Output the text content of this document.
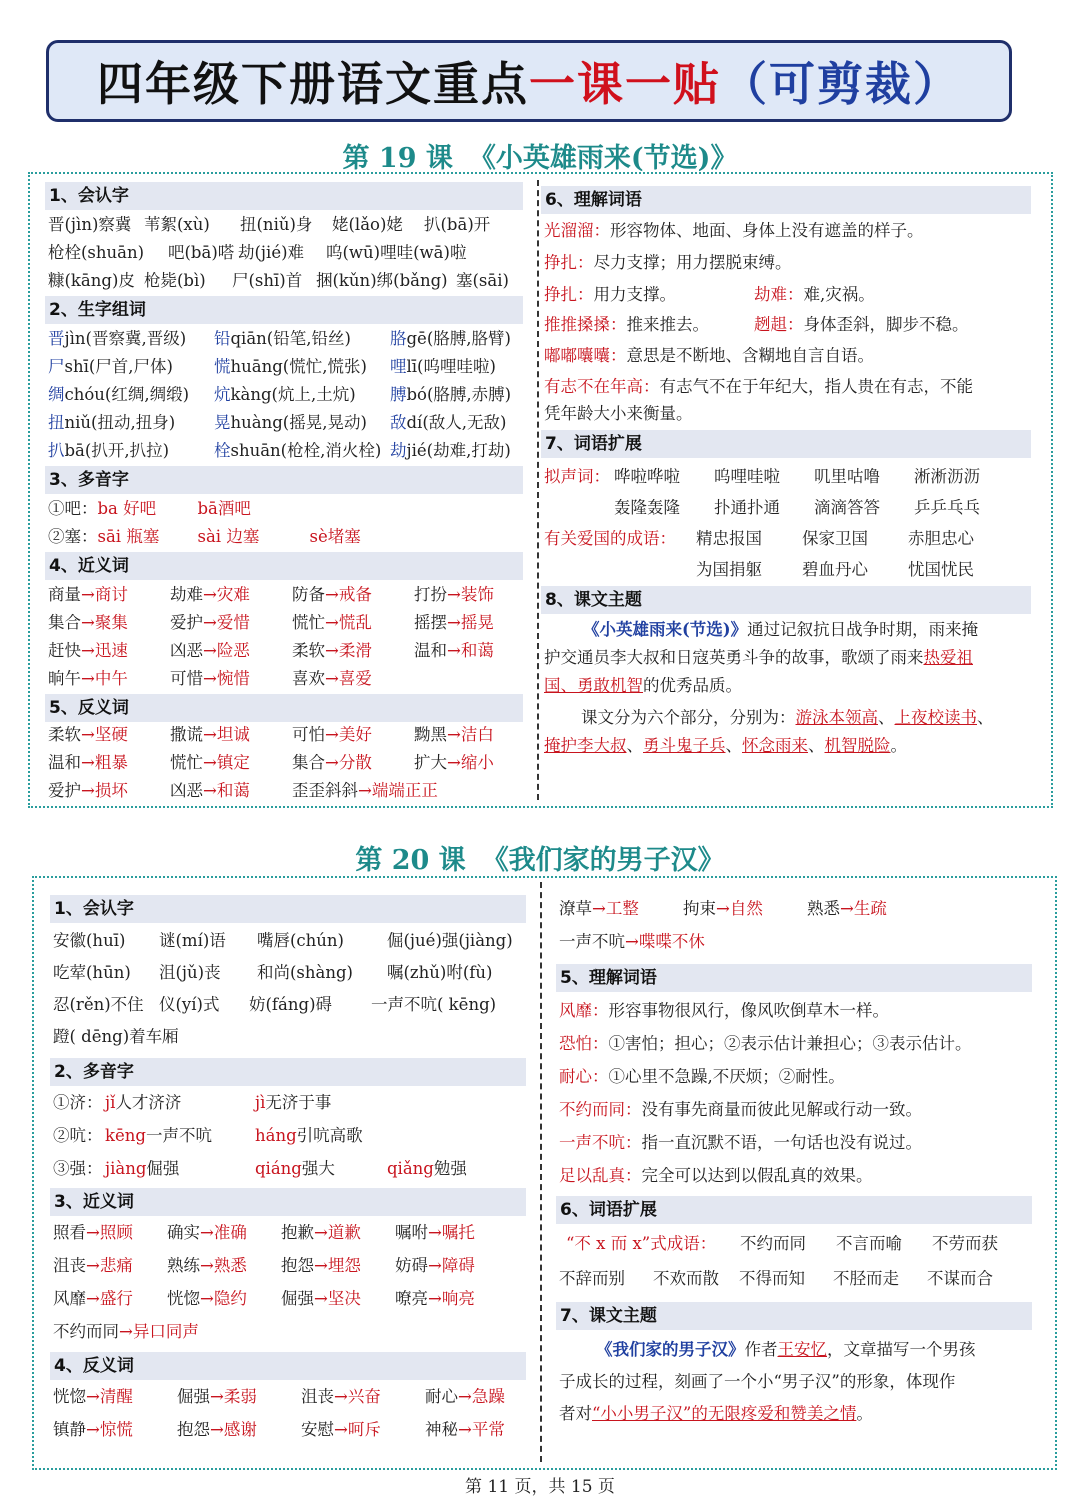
四年级下册语文重点 一课一贴 （可剪裁）
第 19 课 《小英雄雨来(节选)》
1、会认字
晋(jìn)察冀 苇絮(xù) 扭(niǔ)身 姥(lǎo)姥 扒(bā)开
枪栓(shuān) 吧(bā)嗒 劫(jié)难 呜(wū)哩哇(wā)啦
糠(kāng)皮 枪毙(bì) 尸(shī)首 捆(kǔn)绑(bǎng) 塞(sāi)
2、生字组词
晋jìn(晋察冀,晋级) 铅qiān(铅笔,铅丝) 胳gē(胳膊,胳臂)
尸shī(尸首,尸体) 慌huāng(慌忙,慌张) 哩lī(呜哩哇啦)
绸chóu(红绸,绸缎) 炕kàng(炕上,土炕) 膊bó(胳膊,赤膊)
扭niǔ(扭动,扭身) 晃huàng(摇晃,晃动) 敌dí(敌人,无敌)
扒bā(扒开,扒拉)	栓shuān(枪栓,消火栓) 劫jié(劫难,打劫)
3、多音字
①吧：ba 好吧	bā酒吧
②塞：sāi 瓶塞 sài 边塞	sè堵塞
4、近义词
商量→商讨	劫难→灾难	防备→戒备	打扮→装饰
集合→聚集	爱护→爱惜	慌忙→慌乱	摇摆→摇晃
赶快→迅速	凶恶→险恶	柔软→柔滑	温和→和蔼
晌午→中午	可惜→惋惜	喜欢→喜爱
5、反义词
柔软→坚硬	撒谎→坦诚	可怕→美好	黝黑→洁白
温和→粗暴	慌忙→镇定	集合→分散	扩大→缩小
爱护→损坏	凶恶→和蔼	歪歪斜斜→端端正正
6、理解词语
光溜溜：形容物体、地面、身体上没有遮盖的样子。
挣扎：尽力支撑；用力摆脱束缚。
挣扎：用力支撑。	劫难：难,灾祸。
推推搡搡：推来推去。	趔趄：身体歪斜，脚步不稳。
嘟嘟囔囔：意思是不断地、含糊地自言自语。
有志不在年高：有志气不在于年纪大，指人贵在有志，不能
凭年龄大小来衡量。
7、词语扩展
拟声词： 哗啦哗啦 呜哩哇啦 叽里咕噜 淅淅沥沥
轰隆轰隆 扑通扑通 滴滴答答 乒乒乓乓
有关爱国的成语： 精忠报国 保家卫国 赤胆忠心
为国捐躯 碧血丹心 忧国忧民
8、课文主题
《小英雄雨来(节选)》通过记叙抗日战争时期，雨来掩
护交通员李大叔和日寇英勇斗争的故事，歌颂了雨来热爱祖
国、勇敢机智的优秀品质。
课文分为六个部分，分别为：游泳本领高、上夜校读书、
掩护李大叔、勇斗鬼子兵、怀念雨来、机智脱险。
第 20 课 《我们家的男子汉》
1、会认字
安徽(huī) 谜(mí)语 嘴唇(chún)	倔(jué)强(jiàng)
吃荤(hūn) 沮(jǔ)丧 和尚(shàng) 嘱(zhǔ)咐(fù)
忍(rěn)不住 仪(yí)式 妨(fáng)碍 一声不吭( kēng)
蹬( dēng)着车厢
2、多音字
①济： jǐ人才济济	jì无济于事
②吭： kēng一声不吭	háng引吭高歌
③强： jiàng倔强	qiáng强大	qiǎng勉强
3、近义词
照看→照顾 确实→准确 抱歉→道歉 嘱咐→嘱托
沮丧→悲痛 熟练→熟悉 抱怨→埋怨 妨碍→障碍
风靡→盛行 恍惚→隐约 倔强→坚决 嘹亮→响亮
不约而同→异口同声
4、反义词
恍惚→清醒	倔强→柔弱	沮丧→兴奋	耐心→急躁
镇静→惊慌	抱怨→感谢	安慰→呵斥	神秘→平常
潦草→工整	拘束→自然	熟悉→生疏
一声不吭→喋喋不休
5、理解词语
风靡：形容事物很风行，像风吹倒草木一样。
恐怕：①害怕；担心；②表示估计兼担心；③表示估计。
耐心：①心里不急躁,不厌烦；②耐性。
不约而同：没有事先商量而彼此见解或行动一致。
一声不吭：指一直沉默不语，一句话也没有说过。
足以乱真：完全可以达到以假乱真的效果。
6、词语扩展
“不 x 而 x”式成语： 不约而同 不言而喻 不劳而获
不辞而别 不欢而散 不得而知 不胫而走 不谋而合
7、课文主题
《我们家的男子汉》作者王安忆，文章描写一个男孩
子成长的过程，刻画了一个小“男子汉”的形象，体现作
者对“小小男子汉”的无限疼爱和赞美之情。
第 11 页，共 15 页
